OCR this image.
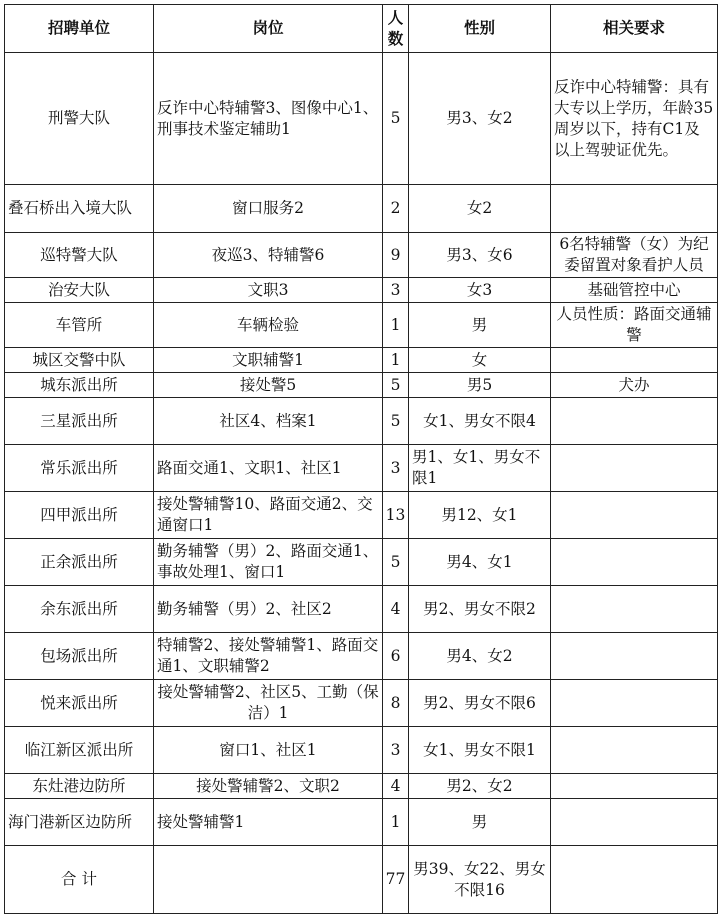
招聘单位	岗位	人数	性别	相关要求
刑警大队	反诈中心特辅警3、图像中心1、刑事技术鉴定辅助1	5	男3、女2	反诈中心特辅警：具有大专以上学历，年龄35周岁以下，持有C1及以上驾驶证优先。
叠石桥出入境大队	窗口服务2	2	女2	
巡特警大队	夜巡3、特辅警6	9	男3、女6	6名特辅警（女）为纪委留置对象看护人员
治安大队	文职3	3	女3	基础管控中心
车管所	车辆检验	1	男	人员性质：路面交通辅警
城区交警中队	文职辅警1	1	女	
城东派出所	接处警5	5	男5	犬办
三星派出所	社区4、档案1	5	女1、男女不限4	
常乐派出所	路面交通1、文职1、社区1	3	男1、女1、男女不限1	
四甲派出所	接处警辅警10、路面交通2、交通窗口1	13	男12、女1	
正余派出所	勤务辅警（男）2、路面交通1、事故处理1、窗口1	5	男4、女1	
余东派出所	勤务辅警（男）2、社区2	4	男2、男女不限2	
包场派出所	特辅警2、接处警辅警1、路面交通1、文职辅警2	6	男4、女2	
悦来派出所	接处警辅警2、社区5、工勤（保洁）1	8	男2、男女不限6	
临江新区派出所	窗口1、社区1	3	女1、男女不限1	
东灶港边防所	接处警辅警2、文职2	4	男2、女2	
海门港新区边防所	接处警辅警1	1	男	
合 计		77	男39、女22、男女不限16	
